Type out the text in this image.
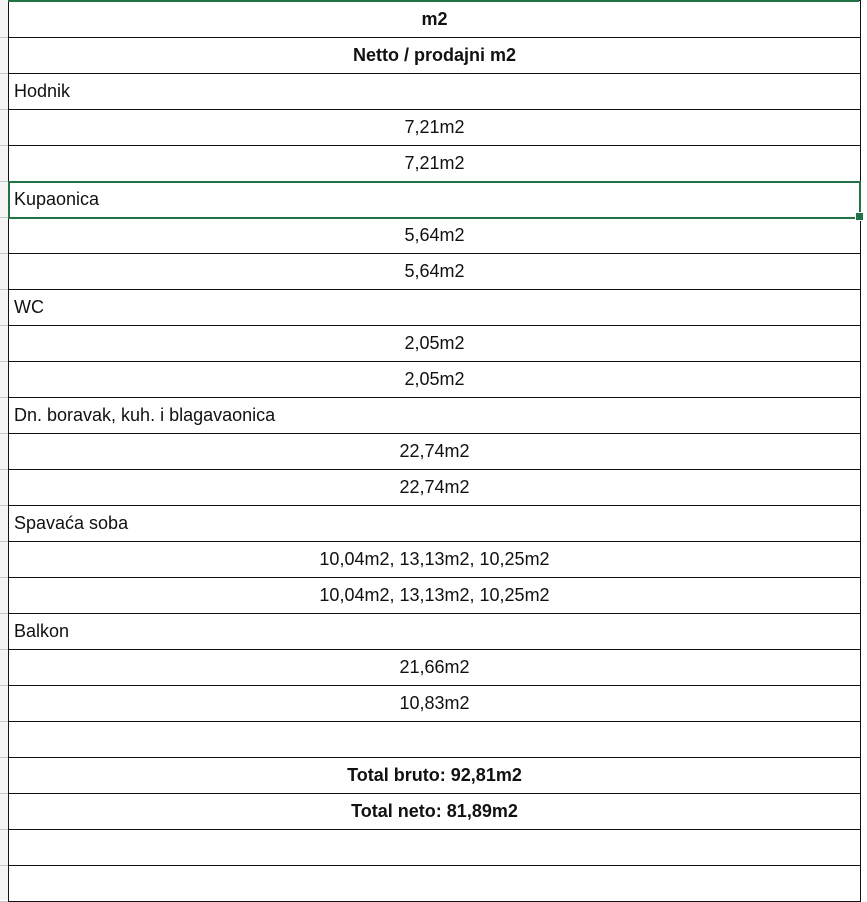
m2
Netto / prodajni m2
Hodnik
7,21m2
7,21m2
Kupaonica
5,64m2
5,64m2
WC
2,05m2
2,05m2
Dn. boravak, kuh. i blagavaonica
22,74m2
22,74m2
Spavaća soba
10,04m2, 13,13m2, 10,25m2
10,04m2, 13,13m2, 10,25m2
Balkon
21,66m2
10,83m2
Total bruto: 92,81m2
Total neto: 81,89m2
